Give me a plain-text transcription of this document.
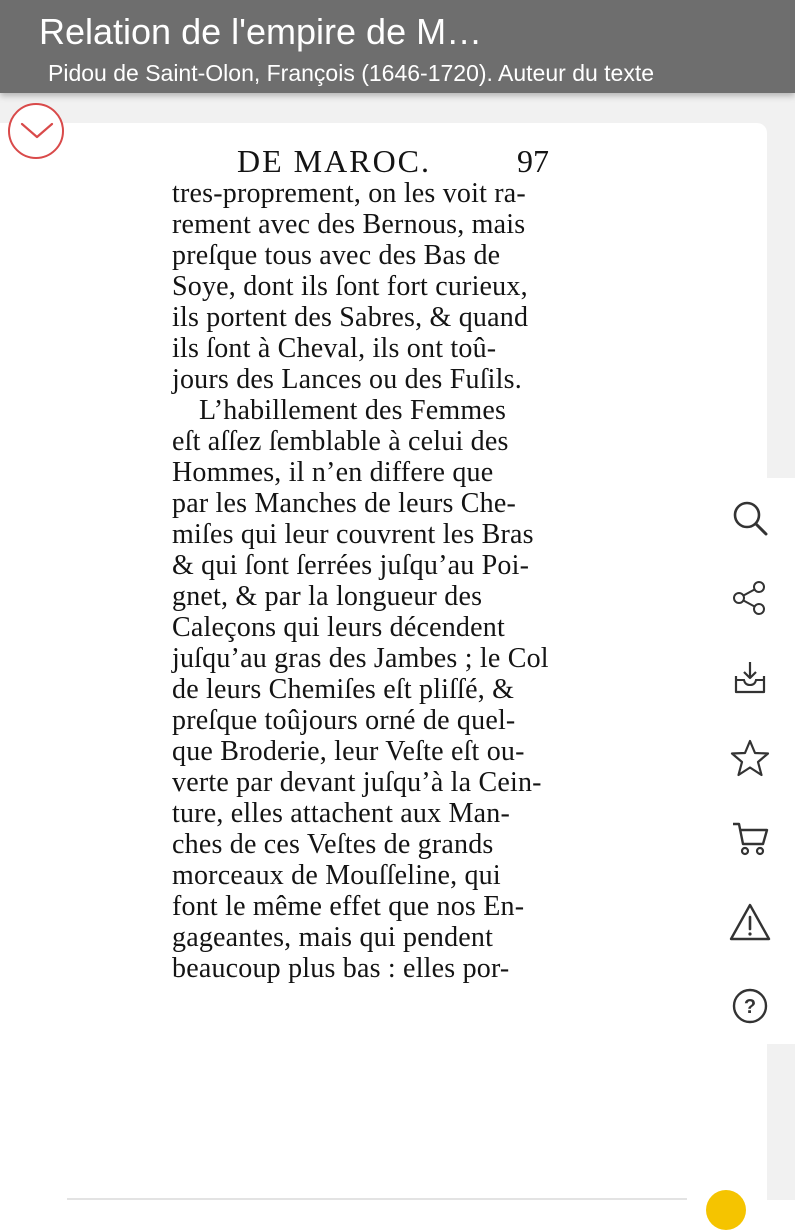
Relation de l'empire de M…
Pidou de Saint-Olon, François (1646-1720). Auteur du texte
DE MAROC.	97
tres-proprement, on les voit ra-
rement avec des Bernous, mais
preſque tous avec des Bas de
Soye, dont ils ſont fort curieux,
ils portent des Sabres, & quand
ils ſont à Cheval, ils ont toû-
jours des Lances ou des Fuſils.
L’habillement des Femmes
eſt aſſez ſemblable à celui des
Hommes, il n’en differe que
par les Manches de leurs Che-
miſes qui leur couvrent les Bras
& qui ſont ſerrées juſqu’au Poi-
gnet, & par la longueur des
Caleçons qui leurs décendent
juſqu’au gras des Jambes ; le Col
de leurs Chemiſes eſt pliſſé, &
preſque toûjours orné de quel-
que Broderie, leur Veſte eſt ou-
verte par devant juſqu’à la Cein-
ture, elles attachent aux Man-
ches de ces Veſtes de grands
morceaux de Mouſſeline, qui
font le même effet que nos En-
gageantes, mais qui pendent
beaucoup plus bas : elles por-
?
